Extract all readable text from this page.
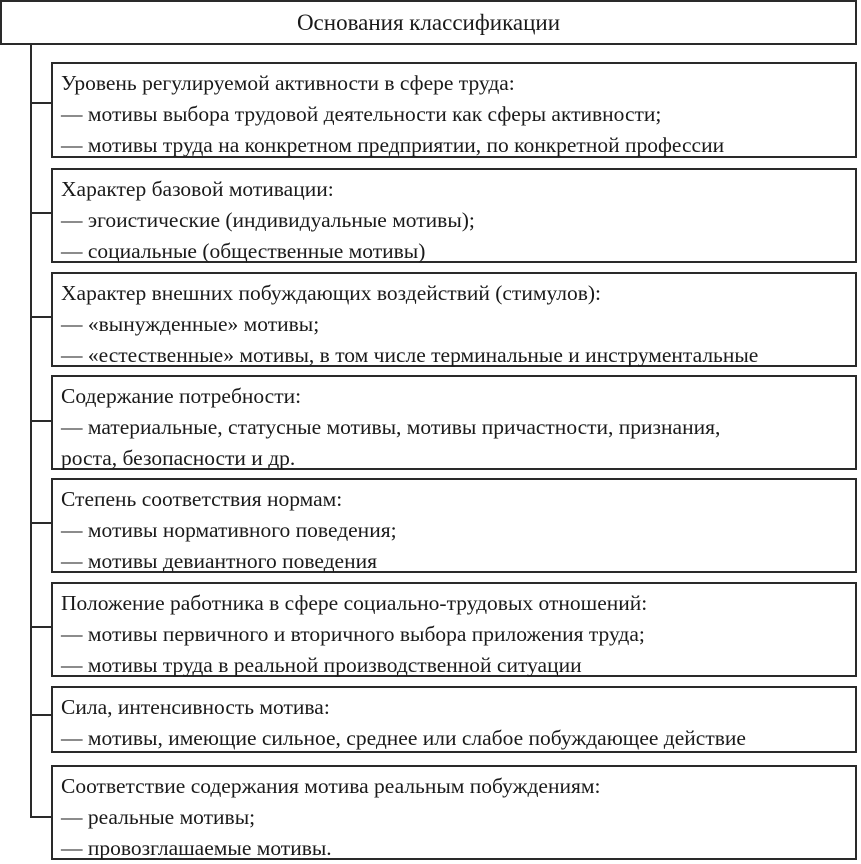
Основания классификации
Уровень регулируемой активности в сфере труда:
— мотивы выбора трудовой деятельности как сферы активности;
— мотивы труда на конкретном предприятии, по конкретной профессии
Характер базовой мотивации:
— эгоистические (индивидуальные мотивы);
— социальные (общественные мотивы)
Характер внешних побуждающих воздействий (стимулов):
— «вынужденные» мотивы;
— «естественные» мотивы, в том числе терминальные и инструментальные
Содержание потребности:
— материальные, статусные мотивы, мотивы причастности, признания,
роста, безопасности и др.
Степень соответствия нормам:
— мотивы нормативного поведения;
— мотивы девиантного поведения
Положение работника в сфере социально-трудовых отношений:
— мотивы первичного и вторичного выбора приложения труда;
— мотивы труда в реальной производственной ситуации
Сила, интенсивность мотива:
— мотивы, имеющие сильное, среднее или слабое побуждающее действие
Соответствие содержания мотива реальным побуждениям:
— реальные мотивы;
— провозглашаемые мотивы.
